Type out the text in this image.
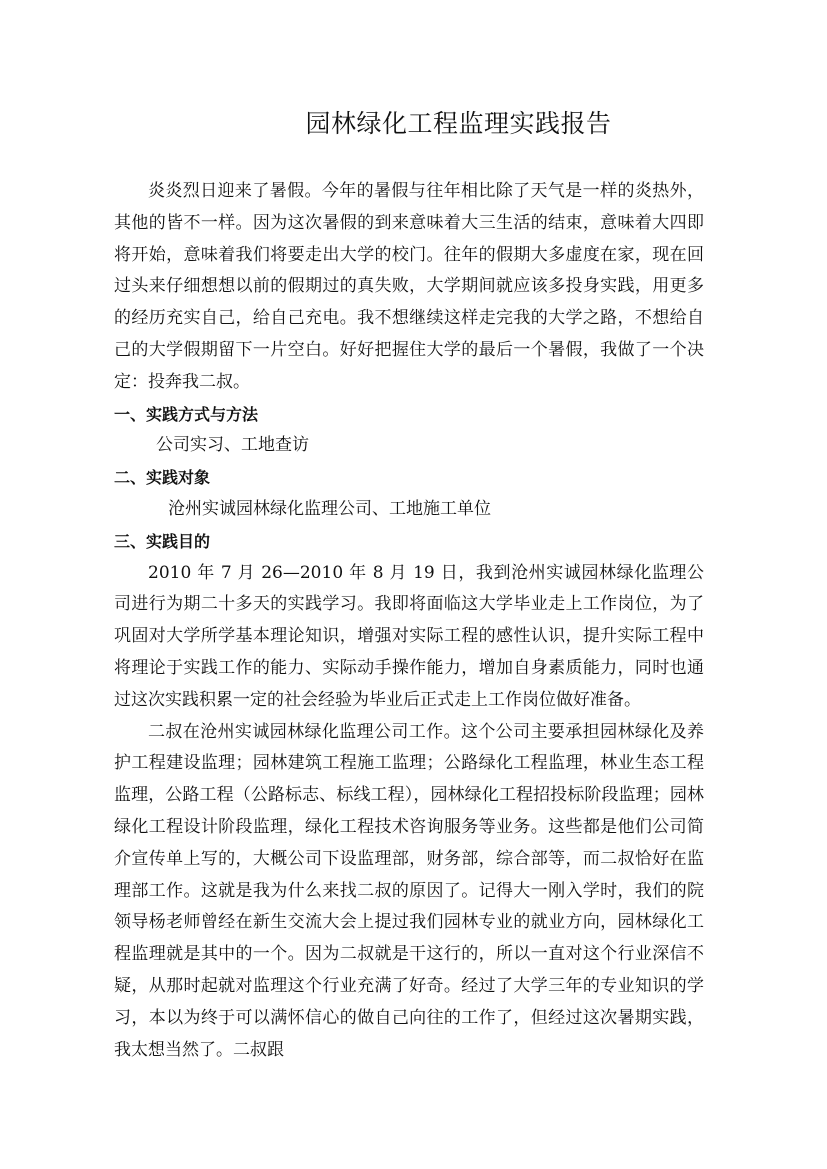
园林绿化工程监理实践报告

炎炎烈日迎来了暑假。今年的暑假与往年相比除了天气是一样的炎热外，其他的皆不一样。因为这次暑假的到来意味着大三生活的结束，意味着大四即将开始，意味着我们将要走出大学的校门。往年的假期大多虚度在家，现在回过头来仔细想想以前的假期过的真失败，大学期间就应该多投身实践，用更多的经历充实自己，给自己充电。我不想继续这样走完我的大学之路，不想给自己的大学假期留下一片空白。好好把握住大学的最后一个暑假，我做了一个决定：投奔我二叔。

一、实践方式与方法

公司实习、工地查访

二、实践对象

沧州实诚园林绿化监理公司、工地施工单位

三、实践目的

2010 年 7 月 26—2010 年 8 月 19 日，我到沧州实诚园林绿化监理公司进行为期二十多天的实践学习。我即将面临这大学毕业走上工作岗位，为了巩固对大学所学基本理论知识，增强对实际工程的感性认识，提升实际工程中将理论于实践工作的能力、实际动手操作能力，增加自身素质能力，同时也通过这次实践积累一定的社会经验为毕业后正式走上工作岗位做好准备。

二叔在沧州实诚园林绿化监理公司工作。这个公司主要承担园林绿化及养护工程建设监理；园林建筑工程施工监理；公路绿化工程监理，林业生态工程监理，公路工程（公路标志、标线工程），园林绿化工程招投标阶段监理；园林绿化工程设计阶段监理，绿化工程技术咨询服务等业务。这些都是他们公司简介宣传单上写的，大概公司下设监理部，财务部，综合部等，而二叔恰好在监理部工作。这就是我为什么来找二叔的原因了。记得大一刚入学时，我们的院领导杨老师曾经在新生交流大会上提过我们园林专业的就业方向，园林绿化工程监理就是其中的一个。因为二叔就是干这行的，所以一直对这个行业深信不疑，从那时起就对监理这个行业充满了好奇。经过了大学三年的专业知识的学习，本以为终于可以满怀信心的做自己向往的工作了，但经过这次暑期实践，我太想当然了。二叔跟
